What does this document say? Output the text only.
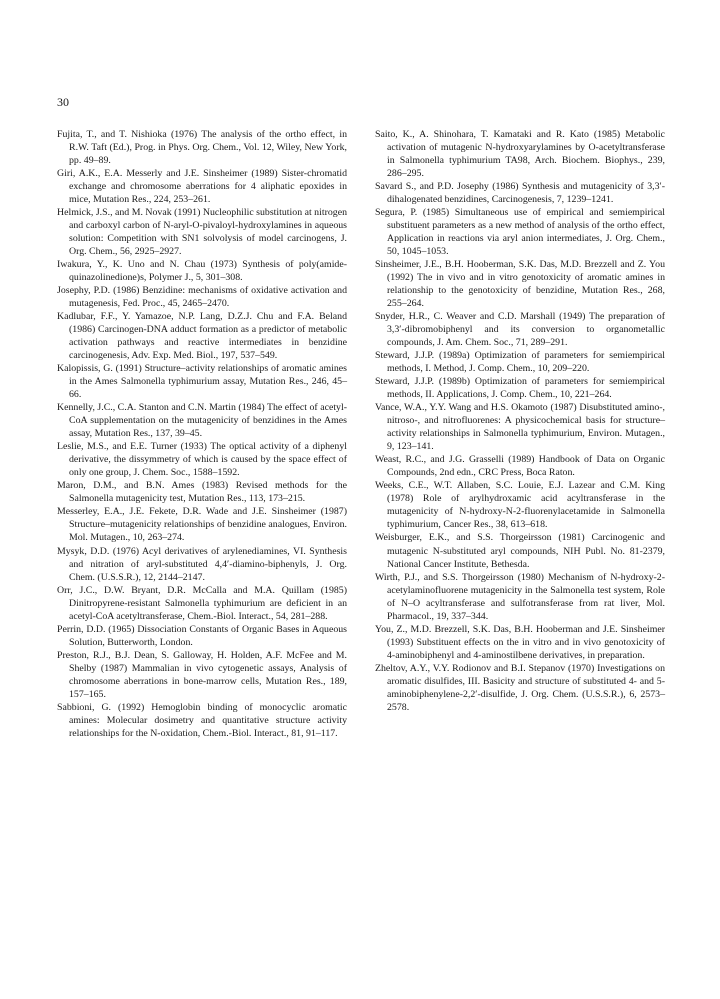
30

Fujita, T., and T. Nishioka (1976) The analysis of the ortho effect, in R.W. Taft (Ed.), Prog. in Phys. Org. Chem., Vol. 12, Wiley, New York, pp. 49–89.

Giri, A.K., E.A. Messerly and J.E. Sinsheimer (1989) Sister-chromatid exchange and chromosome aberrations for 4 aliphatic epoxides in mice, Mutation Res., 224, 253–261.

Helmick, J.S., and M. Novak (1991) Nucleophilic substitution at nitrogen and carboxyl carbon of N-aryl-O-pivaloyl-hydroxylamines in aqueous solution: Competition with SN1 solvolysis of model carcinogens, J. Org. Chem., 56, 2925–2927.

Iwakura, Y., K. Uno and N. Chau (1973) Synthesis of poly(amide-quinazolinedione)s, Polymer J., 5, 301–308.

Josephy, P.D. (1986) Benzidine: mechanisms of oxidative activation and mutagenesis, Fed. Proc., 45, 2465–2470.

Kadlubar, F.F., Y. Yamazoe, N.P. Lang, D.Z.J. Chu and F.A. Beland (1986) Carcinogen-DNA adduct formation as a predictor of metabolic activation pathways and reactive intermediates in benzidine carcinogenesis, Adv. Exp. Med. Biol., 197, 537–549.

Kalopissis, G. (1991) Structure–activity relationships of aromatic amines in the Ames Salmonella typhimurium assay, Mutation Res., 246, 45–66.

Kennelly, J.C., C.A. Stanton and C.N. Martin (1984) The effect of acetyl-CoA supplementation on the mutagenicity of benzidines in the Ames assay, Mutation Res., 137, 39–45.

Leslie, M.S., and E.E. Turner (1933) The optical activity of a diphenyl derivative, the dissymmetry of which is caused by the space effect of only one group, J. Chem. Soc., 1588–1592.

Maron, D.M., and B.N. Ames (1983) Revised methods for the Salmonella mutagenicity test, Mutation Res., 113, 173–215.

Messerley, E.A., J.E. Fekete, D.R. Wade and J.E. Sinsheimer (1987) Structure–mutagenicity relationships of benzidine analogues, Environ. Mol. Mutagen., 10, 263–274.

Mysyk, D.D. (1976) Acyl derivatives of arylenediamines, VI. Synthesis and nitration of aryl-substituted 4,4′-diamino-biphenyls, J. Org. Chem. (U.S.S.R.), 12, 2144–2147.

Orr, J.C., D.W. Bryant, D.R. McCalla and M.A. Quillam (1985) Dinitropyrene-resistant Salmonella typhimurium are deficient in an acetyl-CoA acetyltransferase, Chem.-Biol. Interact., 54, 281–288.

Perrin, D.D. (1965) Dissociation Constants of Organic Bases in Aqueous Solution, Butterworth, London.

Preston, R.J., B.J. Dean, S. Galloway, H. Holden, A.F. McFee and M. Shelby (1987) Mammalian in vivo cytogenetic assays, Analysis of chromosome aberrations in bone-marrow cells, Mutation Res., 189, 157–165.

Sabbioni, G. (1992) Hemoglobin binding of monocyclic aromatic amines: Molecular dosimetry and quantitative structure activity relationships for the N-oxidation, Chem.-Biol. Interact., 81, 91–117.

Saito, K., A. Shinohara, T. Kamataki and R. Kato (1985) Metabolic activation of mutagenic N-hydroxyarylamines by O-acetyltransferase in Salmonella typhimurium TA98, Arch. Biochem. Biophys., 239, 286–295.

Savard S., and P.D. Josephy (1986) Synthesis and mutagenicity of 3,3′-dihalogenated benzidines, Carcinogenesis, 7, 1239–1241.

Segura, P. (1985) Simultaneous use of empirical and semiempirical substituent parameters as a new method of analysis of the ortho effect, Application in reactions via aryl anion intermediates, J. Org. Chem., 50, 1045–1053.

Sinsheimer, J.E., B.H. Hooberman, S.K. Das, M.D. Brezzell and Z. You (1992) The in vivo and in vitro genotoxicity of aromatic amines in relationship to the genotoxicity of benzidine, Mutation Res., 268, 255–264.

Snyder, H.R., C. Weaver and C.D. Marshall (1949) The preparation of 3,3′-dibromobiphenyl and its conversion to organometallic compounds, J. Am. Chem. Soc., 71, 289–291.

Steward, J.J.P. (1989a) Optimization of parameters for semiempirical methods, I. Method, J. Comp. Chem., 10, 209–220.

Steward, J.J.P. (1989b) Optimization of parameters for semiempirical methods, II. Applications, J. Comp. Chem., 10, 221–264.

Vance, W.A., Y.Y. Wang and H.S. Okamoto (1987) Disubstituted amino-, nitroso-, and nitrofluorenes: A physicochemical basis for structure–activity relationships in Salmonella typhimurium, Environ. Mutagen., 9, 123–141.

Weast, R.C., and J.G. Grasselli (1989) Handbook of Data on Organic Compounds, 2nd edn., CRC Press, Boca Raton.

Weeks, C.E., W.T. Allaben, S.C. Louie, E.J. Lazear and C.M. King (1978) Role of arylhydroxamic acid acyltransferase in the mutagenicity of N-hydroxy-N-2-fluorenylacetamide in Salmonella typhimurium, Cancer Res., 38, 613–618.

Weisburger, E.K., and S.S. Thorgeirsson (1981) Carcinogenic and mutagenic N-substituted aryl compounds, NIH Publ. No. 81-2379, National Cancer Institute, Bethesda.

Wirth, P.J., and S.S. Thorgeirsson (1980) Mechanism of N-hydroxy-2-acetylaminofluorene mutagenicity in the Salmonella test system, Role of N–O acyltransferase and sulfotransferase from rat liver, Mol. Pharmacol., 19, 337–344.

You, Z., M.D. Brezzell, S.K. Das, B.H. Hooberman and J.E. Sinsheimer (1993) Substituent effects on the in vitro and in vivo genotoxicity of 4-aminobiphenyl and 4-aminostilbene derivatives, in preparation.

Zheltov, A.Y., V.Y. Rodionov and B.I. Stepanov (1970) Investigations on aromatic disulfides, III. Basicity and structure of substituted 4- and 5-aminobiphenylene-2,2′-disulfide, J. Org. Chem. (U.S.S.R.), 6, 2573–2578.
